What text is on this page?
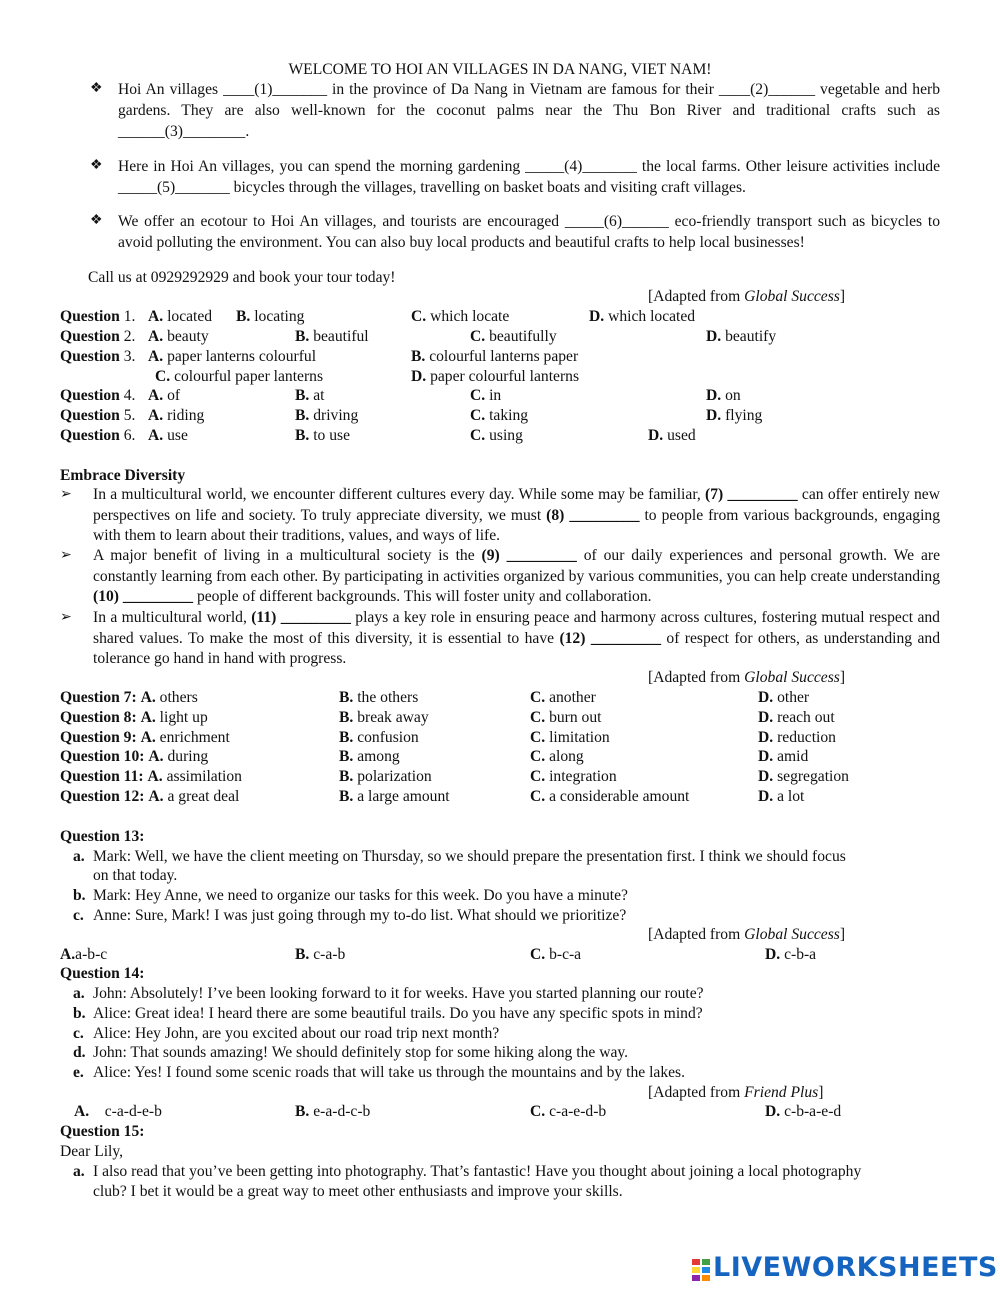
WELCOME TO HOI AN VILLAGES IN DA NANG, VIET NAM!
❖ Hoi An villages ____(1)_______ in the province of Da Nang in Vietnam are famous for their ____(2)______ vegetable and herb gardens. They are also well-known for the coconut palms near the Thu Bon River and traditional crafts such as ______(3)________.
❖ Here in Hoi An villages, you can spend the morning gardening _____(4)_______ the local farms. Other leisure activities include _____(5)_______ bicycles through the villages, travelling on basket boats and visiting craft villages.
❖ We offer an ecotour to Hoi An villages, and tourists are encouraged _____(6)______ eco-friendly transport such as bicycles to avoid polluting the environment. You can also buy local products and beautiful crafts to help local businesses!
Call us at 0929292929 and book your tour today!
[Adapted from Global Success]
Question 1. A. located B. locating	C. which locate	D. which located
Question 2. A. beauty	B. beautiful	C. beautifully	D. beautify
Question 3. A. paper lanterns colourful	B. colourful lanterns paper
C. colourful paper lanterns	D. paper colourful lanterns
Question 4. A. of	B. at	C. in	D. on
Question 5. A. riding	B. driving	C. taking	D. flying
Question 6. A. use	B. to use	C. using	D. used
Embrace Diversity
➢ In a multicultural world, we encounter different cultures every day. While some may be familiar, (7) _________ can offer entirely new perspectives on life and society. To truly appreciate diversity, we must (8) _________ to people from various backgrounds, engaging with them to learn about their traditions, values, and ways of life.
➢ A major benefit of living in a multicultural society is the (9) _________ of our daily experiences and personal growth. We are constantly learning from each other. By participating in activities organized by various communities, you can help create understanding (10) _________ people of different backgrounds. This will foster unity and collaboration.
➢ In a multicultural world, (11) _________ plays a key role in ensuring peace and harmony across cultures, fostering mutual respect and shared values. To make the most of this diversity, it is essential to have (12) _________ of respect for others, as understanding and tolerance go hand in hand with progress.
[Adapted from Global Success]
Question 7: A. others	B. the others	C. another	D. other
Question 8: A. light up	B. break away	C. burn out	D. reach out
Question 9: A. enrichment	B. confusion	C. limitation	D. reduction
Question 10: A. during	B. among	C. along	D. amid
Question 11: A. assimilation	B. polarization	C. integration	D. segregation
Question 12: A. a great deal	B. a large amount	C. a considerable amount	D. a lot
Question 13:
a. Mark: Well, we have the client meeting on Thursday, so we should prepare the presentation first. I think we should focus
on that today.
b. Mark: Hey Anne, we need to organize our tasks for this week. Do you have a minute?
c. Anne: Sure, Mark! I was just going through my to-do list. What should we prioritize?
[Adapted from Global Success]
A.a-b-c	B. c-a-b	C. b-c-a	D. c-b-a
Question 14:
a. John: Absolutely! I’ve been looking forward to it for weeks. Have you started planning our route?
b. Alice: Great idea! I heard there are some beautiful trails. Do you have any specific spots in mind?
c. Alice: Hey John, are you excited about our road trip next month?
d. John: That sounds amazing! We should definitely stop for some hiking along the way.
e. Alice: Yes! I found some scenic roads that will take us through the mountains and by the lakes.
[Adapted from Friend Plus]
A. c-a-d-e-b	B. e-a-d-c-b	C. c-a-e-d-b	D. c-b-a-e-d
Question 15:
Dear Lily,
a. I also read that you’ve been getting into photography. That’s fantastic! Have you thought about joining a local photography
club? I bet it would be a great way to meet other enthusiasts and improve your skills.
LIVEWORKSHEETS
